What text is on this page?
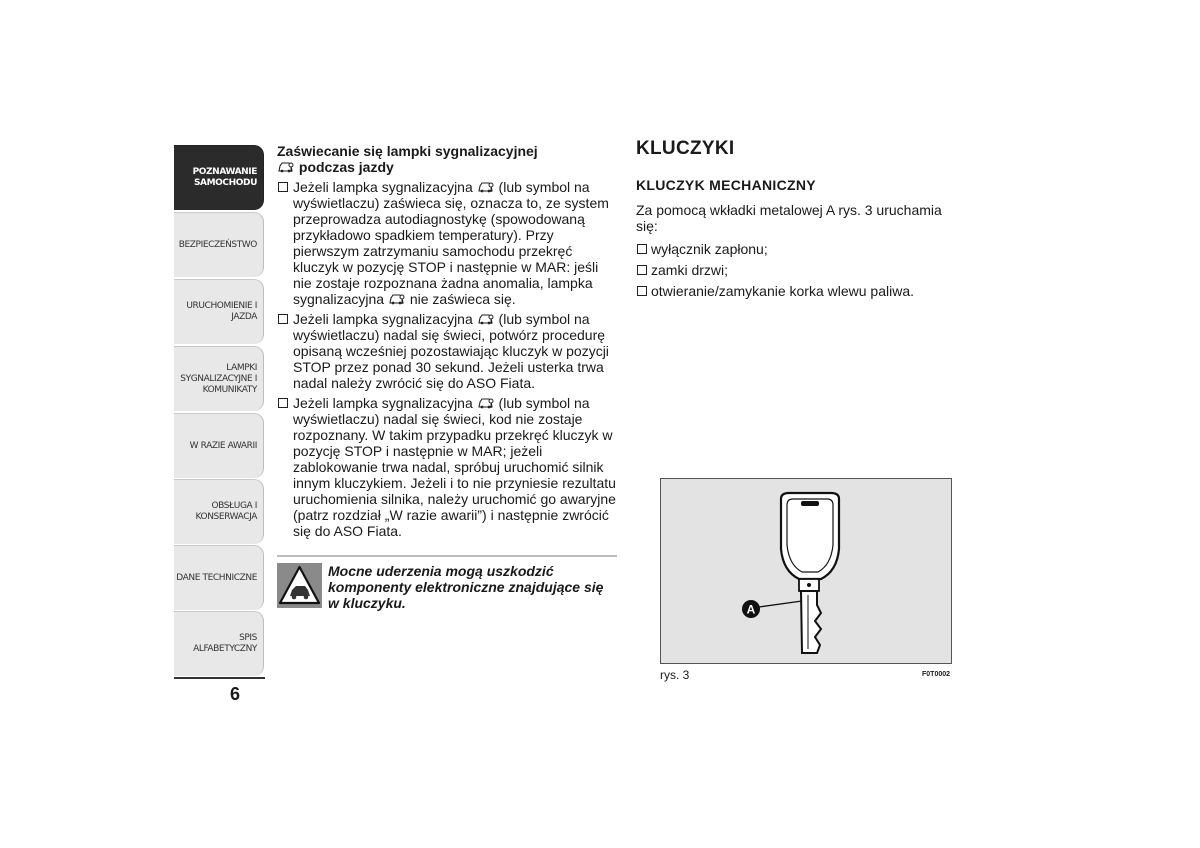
POZNAWANIE
SAMOCHODU
BEZPIECZEŃSTWO
URUCHOMIENIE I
JAZDA
LAMPKI
SYGNALIZACYJNE I
KOMUNIKATY
W RAZIE AWARII
OBSŁUGA I
KONSERWACJA
DANE TECHNICZNE
SPIS ALFABETYCZNY
6
Zaświecanie się lampki sygnalizacyjnej
podczas jazdy
Jeżeli lampka sygnalizacyjna (lub symbol na wyświetlaczu) zaświeca się, oznacza to, ze system przeprowadza autodiagnostykę (spowodowaną przykładowo spadkiem temperatury). Przy pierwszym zatrzymaniu samochodu przekręć kluczyk w pozycję STOP i następnie w MAR: jeśli nie zostaje rozpoznana żadna anomalia, lampka sygnalizacyjna nie zaświeca się.
Jeżeli lampka sygnalizacyjna (lub symbol na wyświetlaczu) nadal się świeci, potwórz procedurę opisaną wcześniej pozostawiając kluczyk w pozycji STOP przez ponad 30 sekund. Jeżeli usterka trwa nadal należy zwrócić się do ASO Fiata.
Jeżeli lampka sygnalizacyjna (lub symbol na wyświetlaczu) nadal się świeci, kod nie zostaje rozpoznany. W takim przypadku przekręć kluczyk w pozycję STOP i następnie w MAR; jeżeli zablokowanie trwa nadal, spróbuj uruchomić silnik innym kluczykiem. Jeżeli i to nie przyniesie rezultatu uruchomienia silnika, należy uruchomić go awaryjne (patrz rozdział „W razie awarii”) i następnie zwrócić się do ASO Fiata.

Mocne uderzenia mogą uszkodzić komponenty elektroniczne znajdujące się w kluczyku.

KLUCZYKI
KLUCZYK MECHANICZNY

Za pomocą wkładki metalowej A rys. 3 uruchamia się:

wyłącznik zapłonu;
zamki drzwi;
otwieranie/zamykanie korka wlewu paliwa.
A
rys. 3	F0T0002
